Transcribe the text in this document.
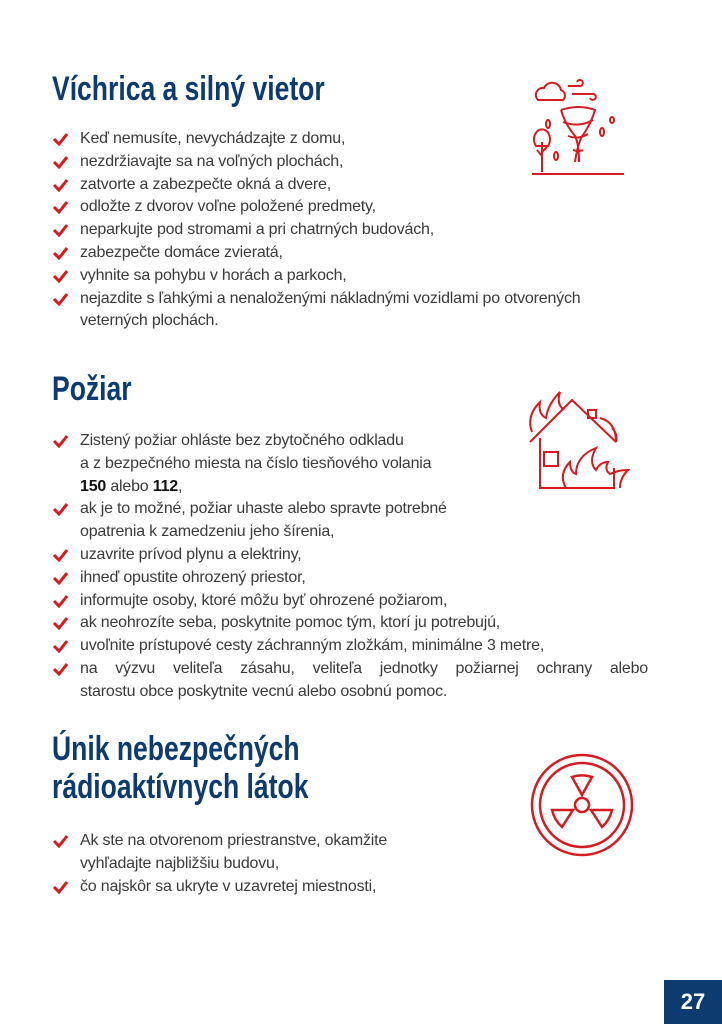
Víchrica a silný vietor
Keď nemusíte, nevychádzajte z domu,
nezdržiavajte sa na voľných plochách,
zatvorte a zabezpečte okná a dvere,
odložte z dvorov voľne položené predmety,
neparkujte pod stromami a pri chatrných budovách,
zabezpečte domáce zvieratá,
vyhnite sa pohybu v horách a parkoch,
nejazdite s ľahkými a nenaloženými nákladnými vozidlami po otvorených
veterných plochách.
Požiar
Zistený požiar ohláste bez zbytočného odkladu
a z bezpečného miesta na číslo tiesňového volania
150 alebo 112,
ak je to možné, požiar uhaste alebo spravte potrebné
opatrenia k zamedzeniu jeho šírenia,
uzavrite prívod plynu a elektriny,
ihneď opustite ohrozený priestor,
informujte osoby, ktoré môžu byť ohrozené požiarom,
ak neohrozíte seba, poskytnite pomoc tým, ktorí ju potrebujú,
uvoľnite prístupové cesty záchranným zložkám, minimálne 3 metre,
na výzvu veliteľa zásahu, veliteľa jednotky požiarnej ochrany alebo
starostu obce poskytnite vecnú alebo osobnú pomoc.
Únik nebezpečných
rádioaktívnych látok
Ak ste na otvorenom priestranstve, okamžite
vyhľadajte najbližšiu budovu,
čo najskôr sa ukryte v uzavretej miestnosti,
27
